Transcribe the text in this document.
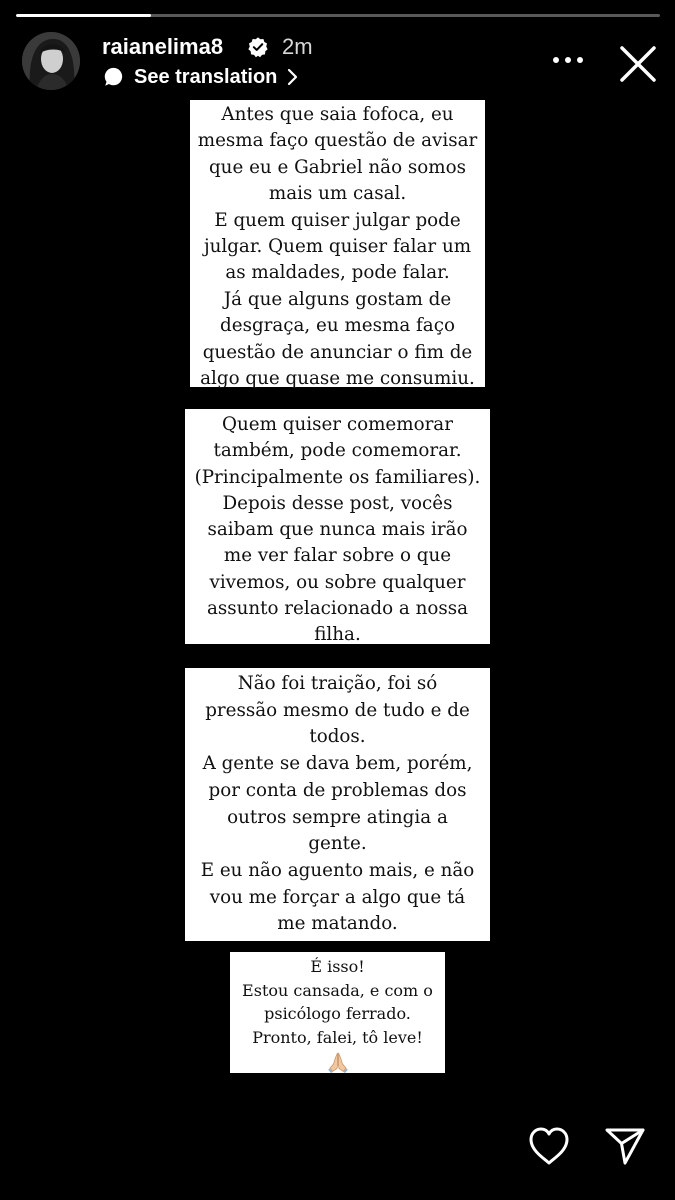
raianelima8	2m
See translation
Antes que saia fofoca, eu
mesma faço questão de avisar
que eu e Gabriel não somos
mais um casal.
E quem quiser julgar pode
julgar. Quem quiser falar um
as maldades, pode falar.
Já que alguns gostam de
desgraça, eu mesma faço
questão de anunciar o fim de
algo que quase me consumiu.
Quem quiser comemorar
também, pode comemorar.
(Principalmente os familiares).
Depois desse post, vocês
saibam que nunca mais irão
me ver falar sobre o que
vivemos, ou sobre qualquer
assunto relacionado a nossa
filha.
Não foi traição, foi só
pressão mesmo de tudo e de
todos.
A gente se dava bem, porém,
por conta de problemas dos
outros sempre atingia a
gente.
E eu não aguento mais, e não
vou me forçar a algo que tá
me matando.
É isso!
Estou cansada, e com o
psicólogo ferrado.
Pronto, falei, tô leve!
